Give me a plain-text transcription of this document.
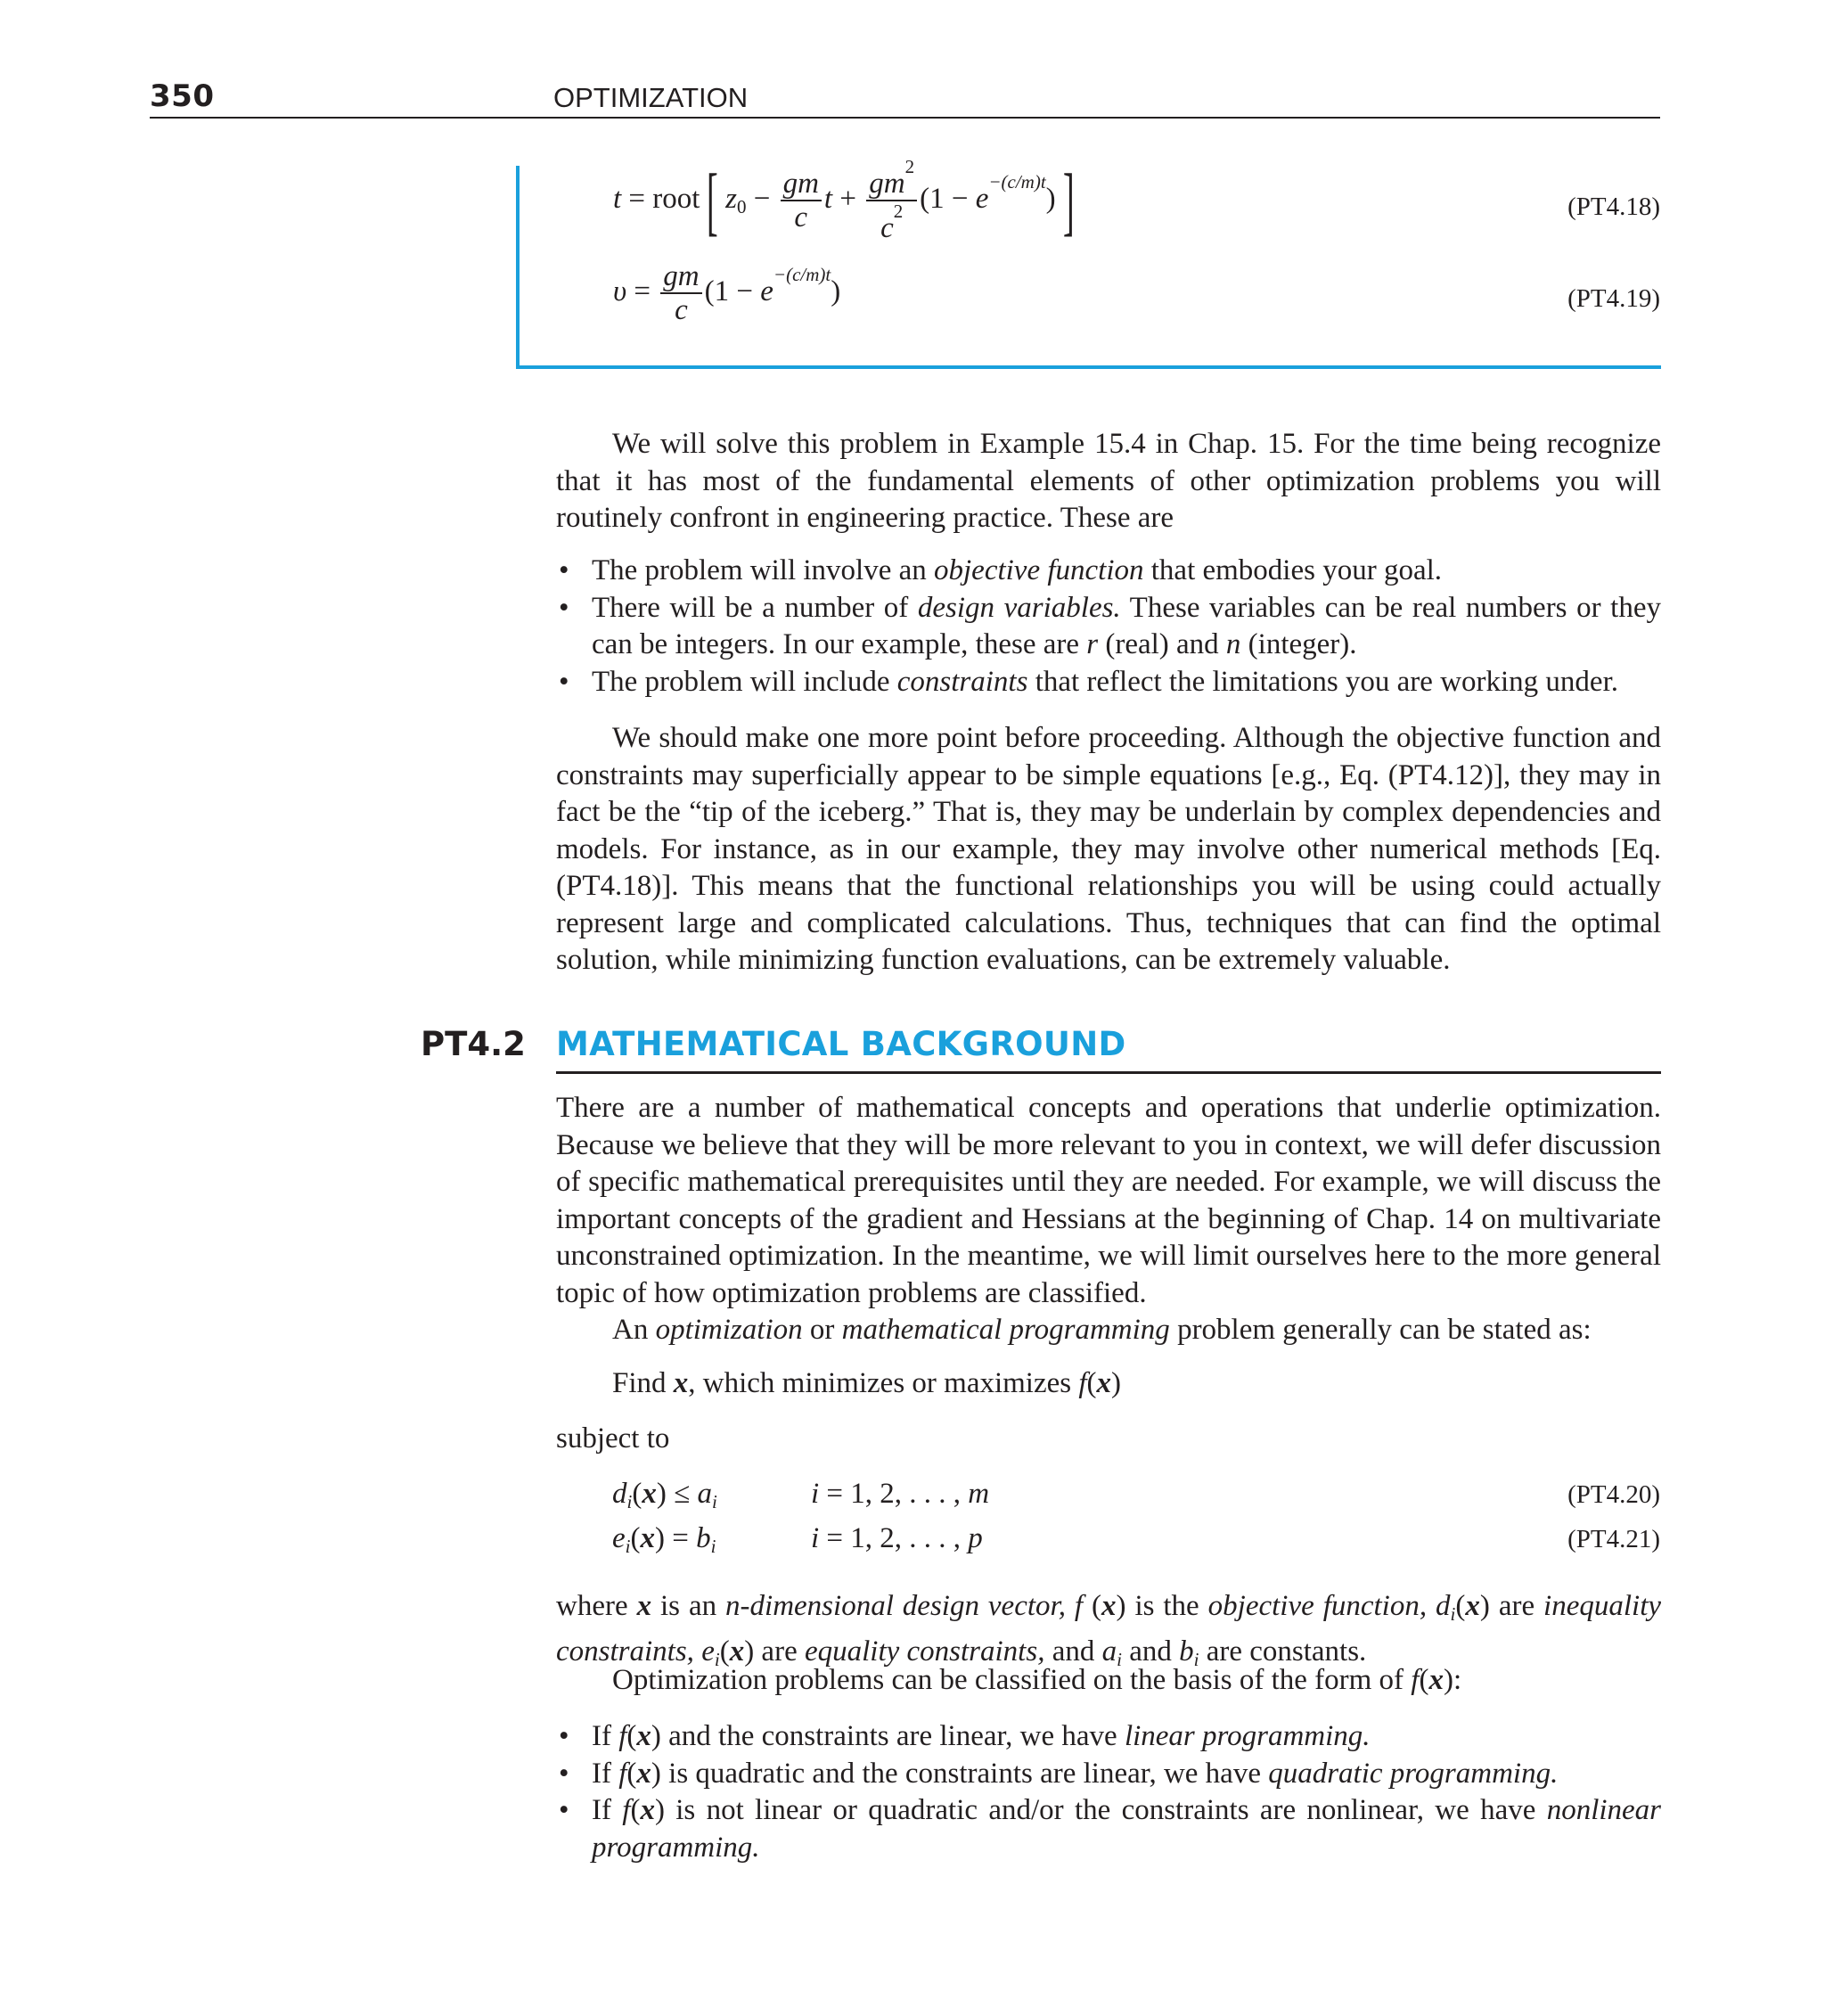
350	OPTIMIZATION
t = root[ $z_0 - \frac{gm}{c}$ $t + \frac{gm^2}{c^2} (1 - e^{-(c/m)t})$]	(PT4.18)
$\upsilon = \frac{gm}{c} (1 - e^{-(c/m)t})$	(PT4.19)

We will solve this problem in Example 15.4 in Chap. 15. For the time being recognize that it has most of the fundamental elements of other optimization problems you will routinely confront in engineering practice. These are

• The problem will involve an objective function that embodies your goal.
• There will be a number of design variables. These variables can be real numbers or they can be integers. In our example, these are r (real) and n (integer).
• The problem will include constraints that reflect the limitations you are working under.

We should make one more point before proceeding. Although the objective function and constraints may superficially appear to be simple equations [e.g., Eq. (PT4.12)], they may in fact be the “tip of the iceberg.” That is, they may be underlain by complex dependencies and models. For instance, as in our example, they may involve other numerical methods [Eq. (PT4.18)]. This means that the functional relationships you will be using could actually represent large and complicated calculations. Thus, techniques that can find the optimal solution, while minimizing function evaluations, can be extremely valuable.

PT4.2 MATHEMATICAL BACKGROUND

There are a number of mathematical concepts and operations that underlie optimization. Because we believe that they will be more relevant to you in context, we will defer discussion of specific mathematical prerequisites until they are needed. For example, we will discuss the important concepts of the gradient and Hessians at the beginning of Chap. 14 on multivariate unconstrained optimization. In the meantime, we will limit ourselves here to the more general topic of how optimization problems are classified.

An optimization or mathematical programming problem generally can be stated as:

Find x, which minimizes or maximizes f(x)
subject to
$d_i(x) \le a_i$	i = 1, 2, . . . , m	(PT4.20)
$e_i(x) = b_i$	i = 1, 2, . . . , p	(PT4.21)

where x is an n-dimensional design vector, f (x) is the objective function, $d_i(x)$ are inequality constraints, $e_i(x)$ are equality constraints, and $a_i$ and $b_i$ are constants.

Optimization problems can be classified on the basis of the form of f(x):

• If f(x) and the constraints are linear, we have linear programming.
• If f(x) is quadratic and the constraints are linear, we have quadratic programming.
• If f(x) is not linear or quadratic and/or the constraints are nonlinear, we have nonlinear programming.
